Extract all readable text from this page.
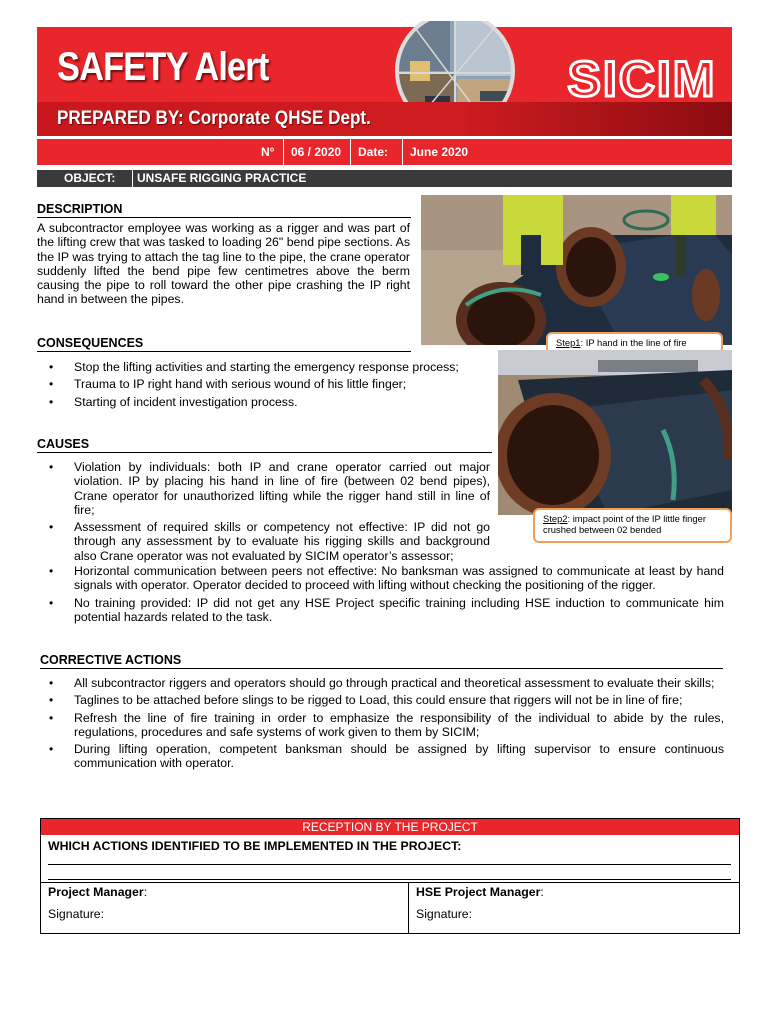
SAFETY Alert	SICIM
PREPARED BY: Corporate QHSE Dept.
N°	06 / 2020	Date:	June 2020
OBJECT: UNSAFE RIGGING PRACTICE
DESCRIPTION
A subcontractor employee was working as a rigger and was part of the lifting crew that was tasked to loading 26" bend pipe sections. As the IP was trying to attach the tag line to the pipe, the crane operator suddenly lifted the bend pipe few centimetres above the berm causing the pipe to roll toward the other pipe crashing the IP right hand in between the pipes.
Step1: IP hand in the line of fire
CONSEQUENCES
• Stop the lifting activities and starting the emergency response process;
• Trauma to IP right hand with serious wound of his little finger;
• Starting of incident investigation process.
CAUSES
• Violation by individuals: both IP and crane operator carried out major violation. IP by placing his hand in line of fire (between 02 bend pipes), Crane operator for unauthorized lifting while the rigger hand still in line of fire;
• Assessment of required skills or competency not effective: IP did not go through any assessment by to evaluate his rigging skills and background also Crane operator was not evaluated by SICIM operator’s assessor;
Step2: impact point of the IP little finger crushed between 02 bended
• Horizontal communication between peers not effective: No banksman was assigned to communicate at least by hand signals with operator. Operator decided to proceed with lifting without checking the positioning of the rigger.
• No training provided: IP did not get any HSE Project specific training including HSE induction to communicate him potential hazards related to the task.
CORRECTIVE ACTIONS
• All subcontractor riggers and operators should go through practical and theoretical assessment to evaluate their skills;
• Taglines to be attached before slings to be rigged to Load, this could ensure that riggers will not be in line of fire;
• Refresh the line of fire training in order to emphasize the responsibility of the individual to abide by the rules, regulations, procedures and safe systems of work given to them by SICIM;
• During lifting operation, competent banksman should be assigned by lifting supervisor to ensure continuous communication with operator.
RECEPTION BY THE PROJECT
WHICH ACTIONS IDENTIFIED TO BE IMPLEMENTED IN THE PROJECT:
Project Manager:
Signature:
HSE Project Manager:
Signature:
